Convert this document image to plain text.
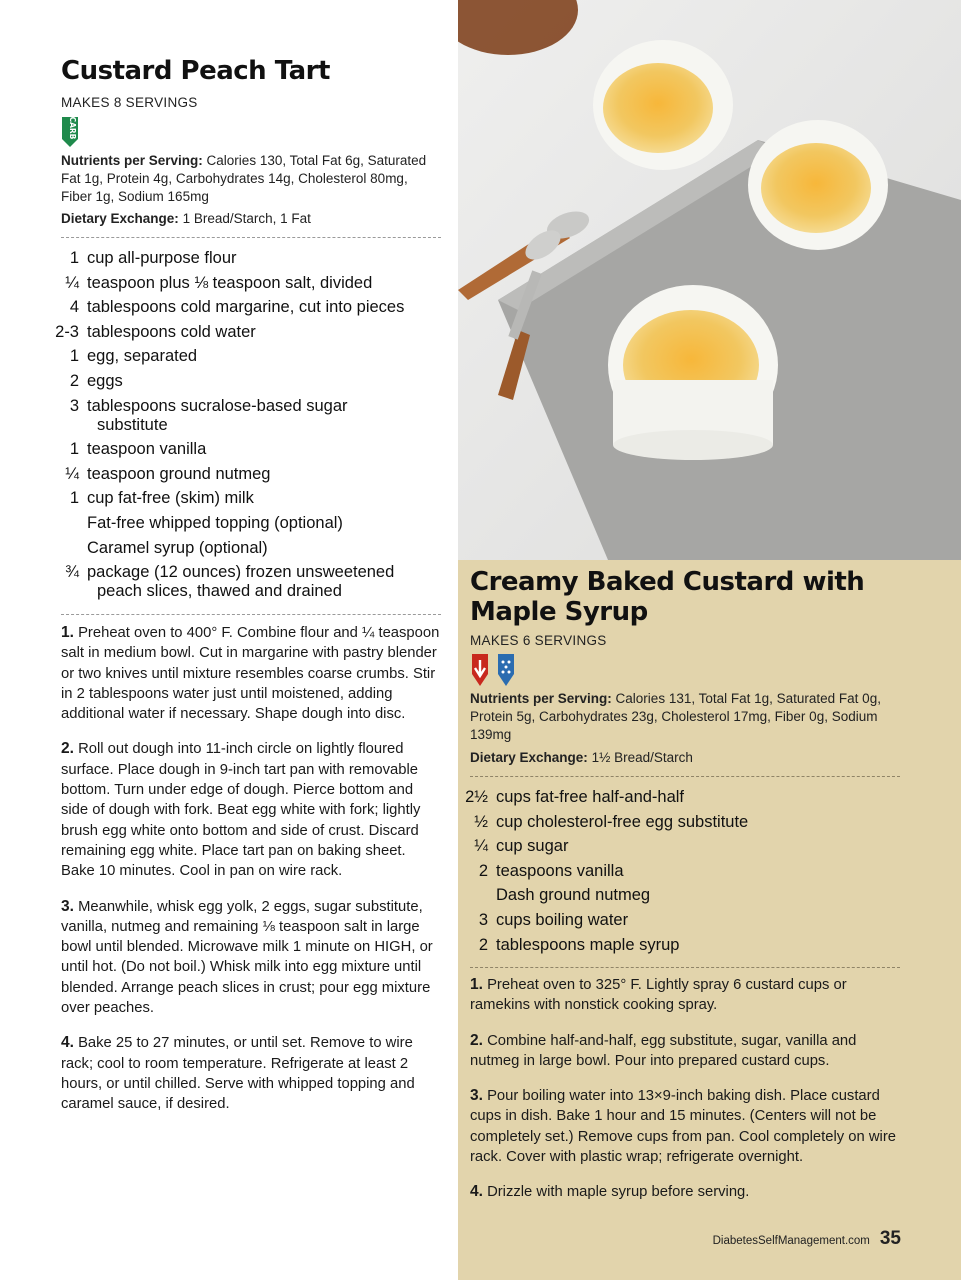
Custard Peach Tart
MAKES 8 SERVINGS
CARB

Nutrients per Serving: Calories 130, Total Fat 6g, Saturated Fat 1g, Protein 4g, Carbohydrates 14g, Cholesterol 80mg, Fiber 1g, Sodium 165mg

Dietary Exchange: 1 Bread/Starch, 1 Fat

1 cup all-purpose flour
¼ teaspoon plus ⅛ teaspoon salt, divided
4 tablespoons cold margarine, cut into pieces
2-3 tablespoons cold water
1 egg, separated
2 eggs
3 tablespoons sucralose-based sugar
substitute
1 teaspoon vanilla
¼ teaspoon ground nutmeg
1 cup fat-free (skim) milk
Fat-free whipped topping (optional)
Caramel syrup (optional)
¾ package (12 ounces) frozen unsweetened
peach slices, thawed and drained

1. Preheat oven to 400° F. Combine flour and ¼ teaspoon salt in medium bowl. Cut in margarine with pastry blender or two knives until mixture resembles coarse crumbs. Stir in 2 tablespoons water just until moistened, adding additional water if necessary. Shape dough into disc.

2. Roll out dough into 11-inch circle on lightly floured surface. Place dough in 9-inch tart pan with removable bottom. Turn under edge of dough. Pierce bottom and side of dough with fork. Beat egg white with fork; lightly brush egg white onto bottom and side of crust. Discard remaining egg white. Place tart pan on baking sheet. Bake 10 minutes. Cool in pan on wire rack.

3. Meanwhile, whisk egg yolk, 2 eggs, sugar substitute, vanilla, nutmeg and remaining ⅛ teaspoon salt in large bowl until blended. Microwave milk 1 minute on HIGH, or until hot. (Do not boil.) Whisk milk into egg mixture until blended. Arrange peach slices in crust; pour egg mixture over peaches.

4. Bake 25 to 27 minutes, or until set. Remove to wire rack; cool to room temperature. Refrigerate at least 2 hours, or until chilled. Serve with whipped topping and caramel sauce, if desired.

Creamy Baked Custard with
Maple Syrup
MAKES 6 SERVINGS

Nutrients per Serving: Calories 131, Total Fat 1g, Saturated Fat 0g, Protein 5g, Carbohydrates 23g, Cholesterol 17mg, Fiber 0g, Sodium 139mg

Dietary Exchange: 1½ Bread/Starch

2½ cups fat-free half-and-half
½ cup cholesterol-free egg substitute
¼ cup sugar
2 teaspoons vanilla
Dash ground nutmeg
3 cups boiling water
2 tablespoons maple syrup

1. Preheat oven to 325° F. Lightly spray 6 custard cups or ramekins with nonstick cooking spray.

2. Combine half-and-half, egg substitute, sugar, vanilla and nutmeg in large bowl. Pour into prepared custard cups.

3. Pour boiling water into 13×9-inch baking dish. Place custard cups in dish. Bake 1 hour and 15 minutes. (Centers will not be completely set.) Remove cups from pan. Cool completely on wire rack. Cover with plastic wrap; refrigerate overnight.

4. Drizzle with maple syrup before serving.

DiabetesSelfManagement.com 35
